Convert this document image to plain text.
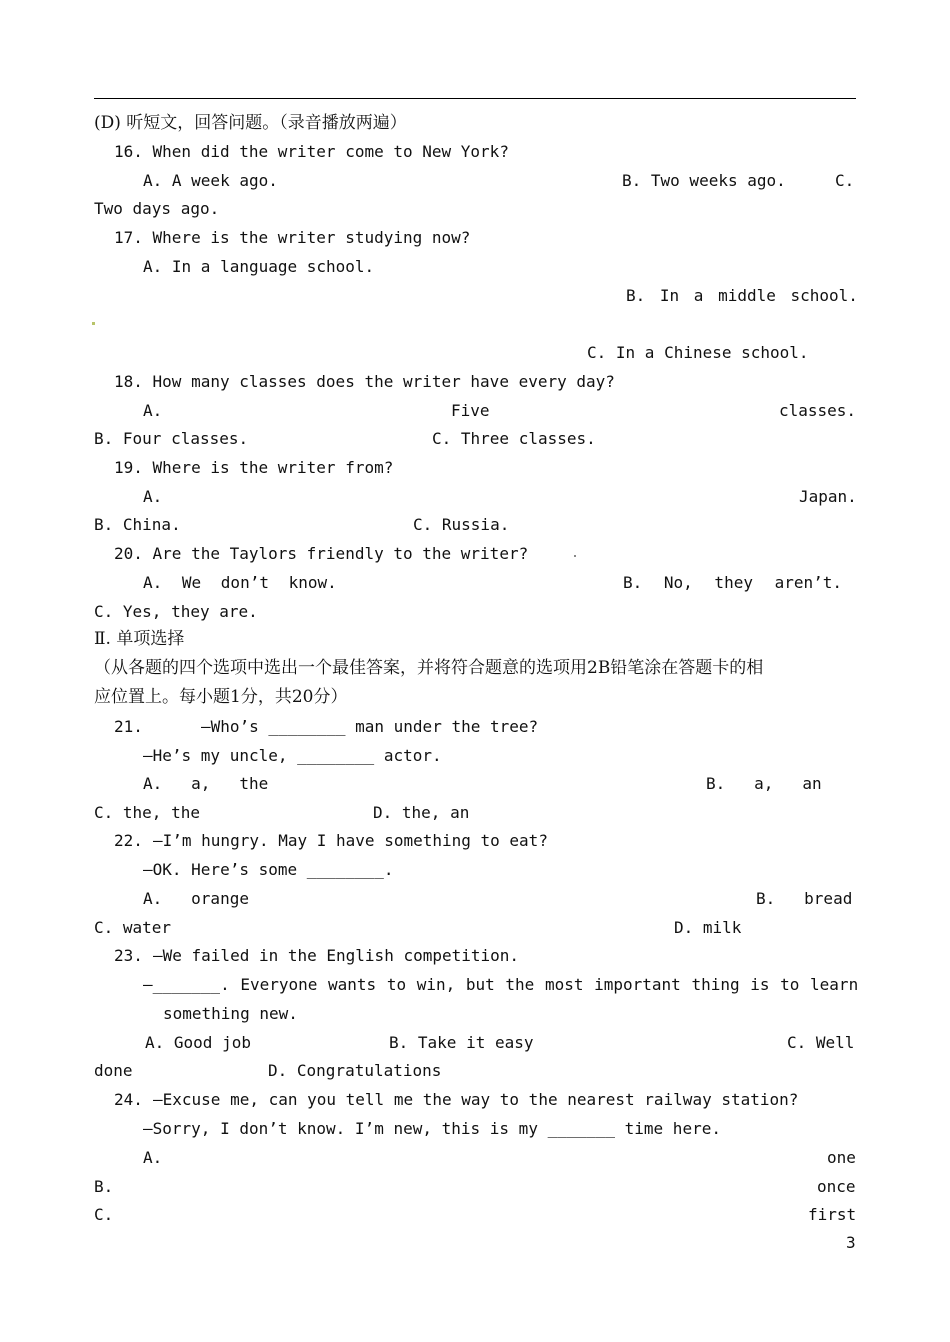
(D) 听短文，回答问题。（录音播放两遍）
16. When did the writer come to New York?
A. A week ago.	B. Two weeks ago.	C.
Two days ago.
17. Where is the writer studying now?
A. In a language school.
B. In a middle school.
C. In a Chinese school.
18. How many classes does the writer have every day?
A.	Five	classes.
B. Four classes.	C. Three classes.
19. Where is the writer from?
A.	Japan.
B. China.	C. Russia.
20. Are the Taylors friendly to the writer?
A. We don’t know.	B. No, they aren’t.
C. Yes, they are.
Ⅱ. 单项选择
（从各题的四个选项中选出一个最佳答案，并将符合题意的选项用2B铅笔涂在答题卡的相
应位置上。每小题1分，共20分）
21.	—Who’s ________ man under the tree?
—He’s my uncle, ________ actor.
A.   a,   the	B.   a,   an
C. the, the	D. the, an
22. —I’m hungry. May I have something to eat?
—OK. Here’s some ________.
A.   orange	B.   bread
C. water	D. milk
23. —We failed in the English competition.
—_______. Everyone wants to win, but the most important thing is to learn
something new.
A. Good job	B. Take it easy	C. Well
done	D. Congratulations
24. —Excuse me, can you tell me the way to the nearest railway station?
—Sorry, I don’t know. I’m new, this is my _______ time here.
A.	one
B.	once
C.	first
3
